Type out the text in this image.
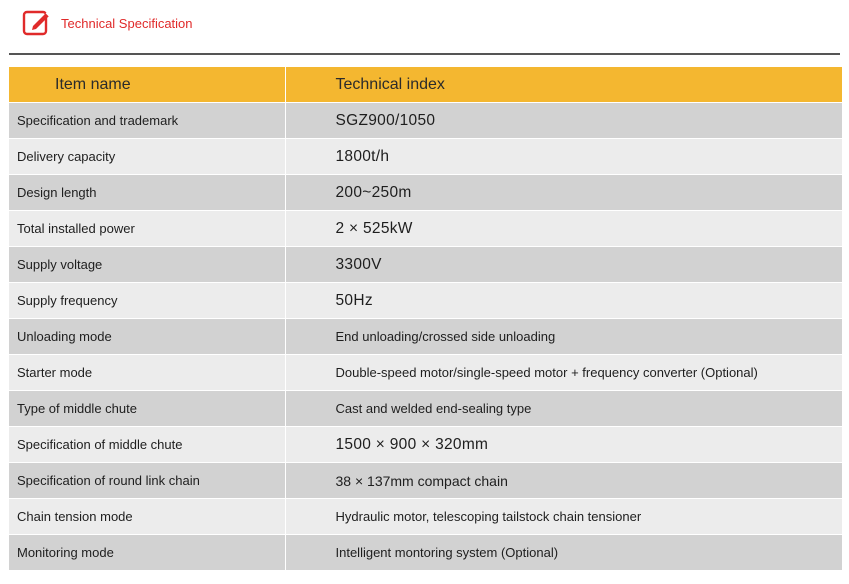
Technical Specification
Item name	Technical index
Specification and trademark	SGZ900/1050
Delivery capacity	1800t/h
Design length	200~250m
Total installed power	2 × 525kW
Supply voltage	3300V
Supply frequency	50Hz
Unloading mode	End unloading/crossed side unloading
Starter mode	Double-speed motor/single-speed motor + frequency converter (Optional)
Type of middle chute	Cast and welded end-sealing type
Specification of middle chute	1500 × 900 × 320mm
Specification of round link chain	38 × 137mm compact chain
Chain tension mode	Hydraulic motor, telescoping tailstock chain tensioner
Monitoring mode	Intelligent montoring system (Optional)
